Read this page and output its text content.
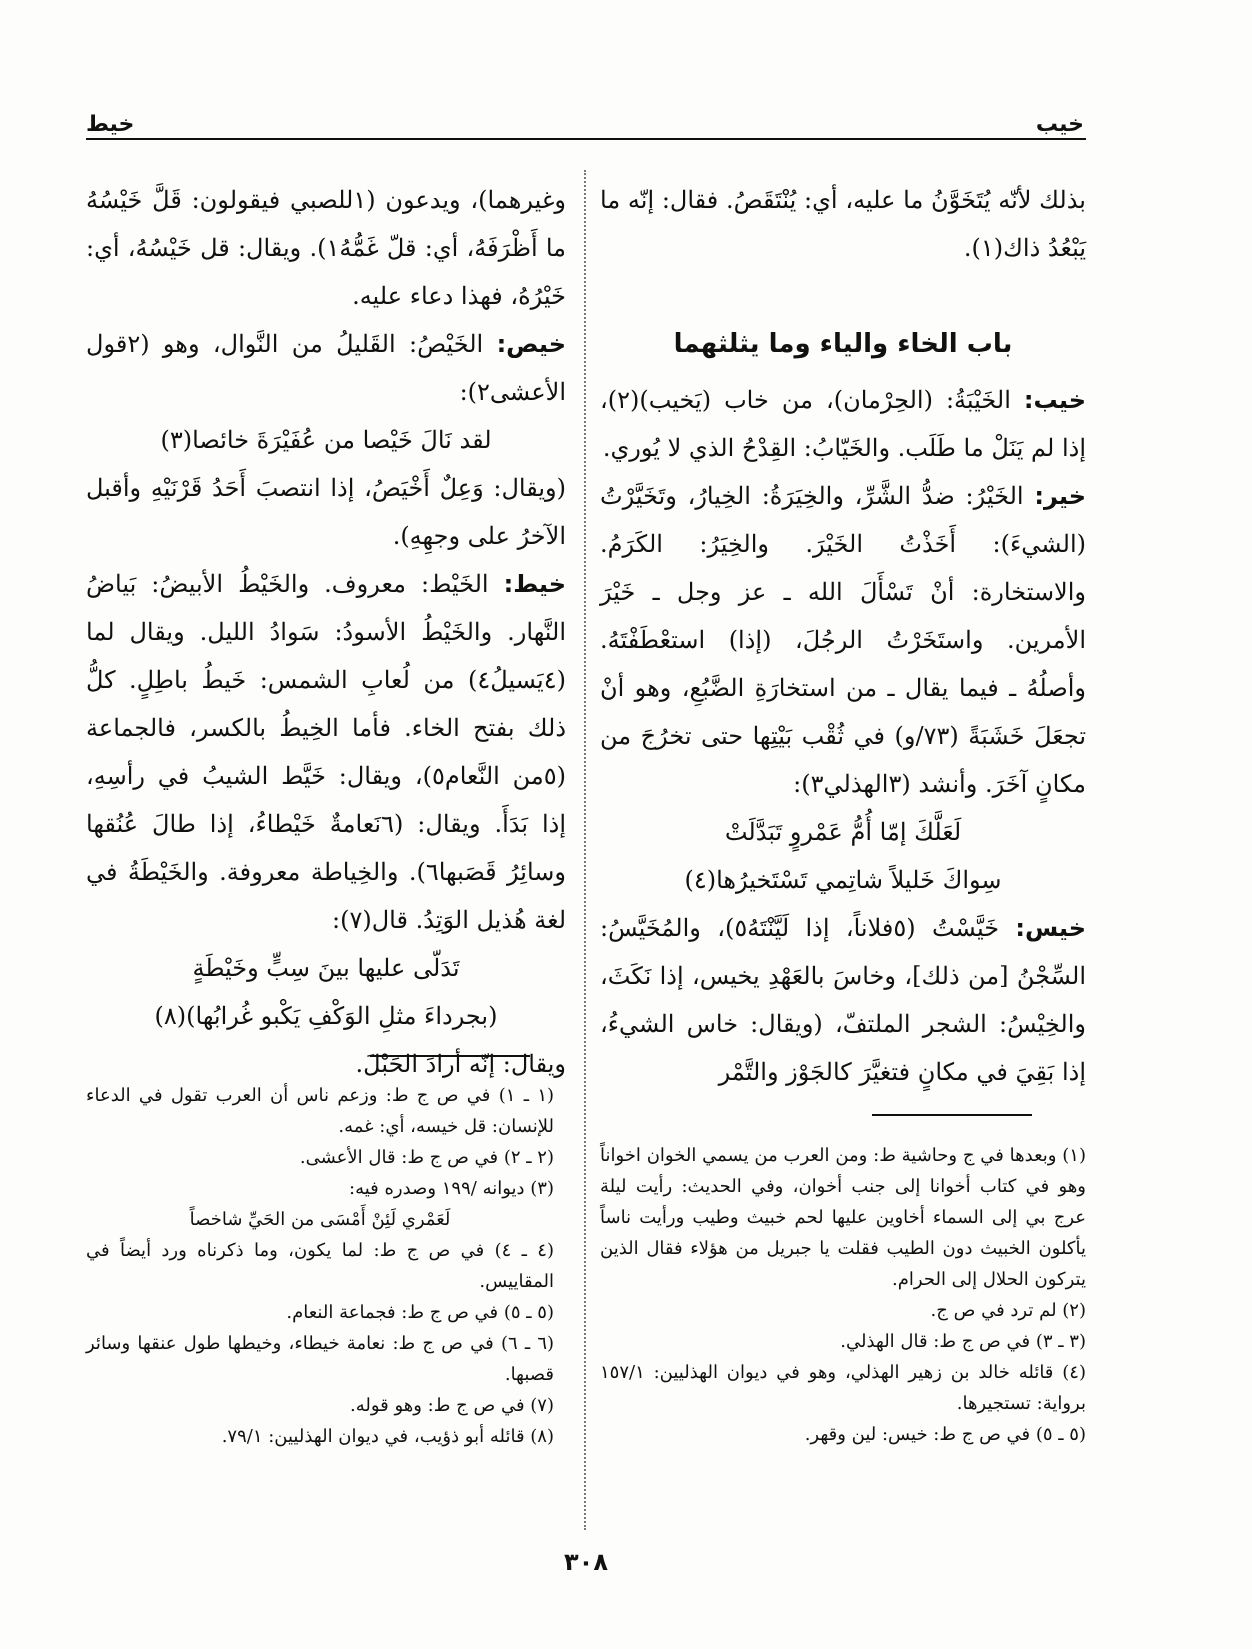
خيب
خيط

بذلك لأنّه يُتَخَوَّنُ ما عليه، أي: يُنْتَقَصُ. فقال: إنّه ما يَبْعُدُ ذاك(١).

باب الخاء والياء وما يثلثهما

خيب: الخَيْبَةُ: (الحِرْمان)، من خاب (يَخيب)(٢)، إذا لم يَنَلْ ما طَلَب. والخَيّابُ: القِدْحُ الذي لا يُوري.

خير: الخَيْرُ: ضدُّ الشَّرِّ، والخِيَرَةُ: الخِيارُ، وتَخَيَّرْتُ (الشيءَ): أَخَذْتُ الخَيْرَ. والخِيَرُ: الكَرَمُ. والاستخارة: أنْ تَسْأَلَ الله ـ عز وجل ـ خَيْرَ الأمرين. واستَخَرْتُ الرجُلَ، (إذا) استعْطَفْتَهُ. وأصلُهُ ـ فيما يقال ـ من استخارَةِ الضَّبُعِ، وهو أنْ تجعَلَ خَشَبَةً (٧٣/و) في ثُقْب بَيْتِها حتى تخرُجَ من مكانٍ آخَرَ. وأنشد (٣الهذلي٣):

لَعَلَّكَ إمّا أُمُّ عَمْروٍ تَبَدَّلَتْ

سِواكَ خَليلاً شاتِمي تَسْتَخيرُها(٤)

خيس: خَيَّسْتُ (٥فلاناً، إذا لَيَّنْتَهُ٥)، والمُخَيَّسُ: السِّجْنُ [من ذلك]، وخاسَ بالعَهْدِ يخيس، إذا نَكَثَ، والخِيْسُ: الشجر الملتفّ، (ويقال: خاس الشيءُ، إذا بَقِيَ في مكانٍ فتغيَّرَ كالجَوْز والتَّمْر

وغيرهما)، ويدعون (١للصبي فيقولون: قَلَّ خَيْسُهُ ما أَظْرَفَهُ، أي: قلّ غَمُّهُ١). ويقال: قل خَيْسُهُ، أي: خَيْرُهُ، فهذا دعاء عليه.

خيص: الخَيْصُ: القَليلُ من النَّوال، وهو (٢قول الأعشى٢):

لقد نَالَ خَيْصا من عُفَيْرَةَ خائصا(٣)

(ويقال: وَعِلٌ أَخْيَصُ، إذا انتصبَ أَحَدُ قَرْنَيْهِ وأقبل الآخرُ على وجهِهِ).

خيط: الخَيْط: معروف. والخَيْطُ الأبيضُ: بَياضُ النَّهار. والخَيْطُ الأسودُ: سَوادُ الليل. ويقال لما (٤يَسيلُ٤) من لُعابِ الشمس: خَيطُ باطِلٍ. كلُّ ذلك بفتح الخاء. فأما الخِيطُ بالكسر، فالجماعة (٥من النَّعام٥)، ويقال: خَيَّط الشيبُ في رأسِهِ، إذا بَدَأَ. ويقال: (٦نَعامةٌ خَيْطاءُ، إذا طالَ عُنُقها وسائِرُ قَصَبها٦). والخِياطة معروفة. والخَيْطَةُ في لغة هُذيل الوَتِدُ. قال(٧):

تَدَلّى عليها بينَ سِبٍّ وخَيْطَةٍ

(بجرداءَ مثلِ الوَكْفِ يَكْبو غُرابُها)(٨)

ويقال: إنّه أرادَ الحَبْلَ.

(١) وبعدها في ج وحاشية ط: ومن العرب من يسمي الخوان اخواناً وهو في كتاب أخوانا إلى جنب أخوان، وفي الحديث: رأيت ليلة عرج بي إلى السماء أخاوين عليها لحم خبيث وطيب ورأيت ناساً يأكلون الخبيث دون الطيب فقلت يا جبريل من هؤلاء فقال الذين يتركون الحلال إلى الحرام.

(٢) لم ترد في ص ج.

(٣ ـ ٣) في ص ج ط: قال الهذلي.

(٤) قائله خالد بن زهير الهذلي، وهو في ديوان الهذليين: ١٥٧/١ برواية: تستجيرها.

(٥ ـ ٥) في ص ج ط: خيس: لين وقهر.

(١ ـ ١) في ص ج ط: وزعم ناس أن العرب تقول في الدعاء للإنسان: قل خيسه، أي: غمه.

(٢ ـ ٢) في ص ج ط: قال الأعشى.

(٣) ديوانه /١٩٩ وصدره فيه:

لَعَمْري لَئِنْ أَمْسَى من الحَيِّ شاخصاً

(٤ ـ ٤) في ص ج ط: لما يكون، وما ذكرناه ورد أيضاً في المقاييس.

(٥ ـ ٥) في ص ج ط: فجماعة النعام.

(٦ ـ ٦) في ص ج ط: نعامة خيطاء، وخيطها طول عنقها وسائر قصبها.

(٧) في ص ج ط: وهو قوله.

(٨) قائله أبو ذؤيب، في ديوان الهذليين: ٧٩/١.

٣٠٨
